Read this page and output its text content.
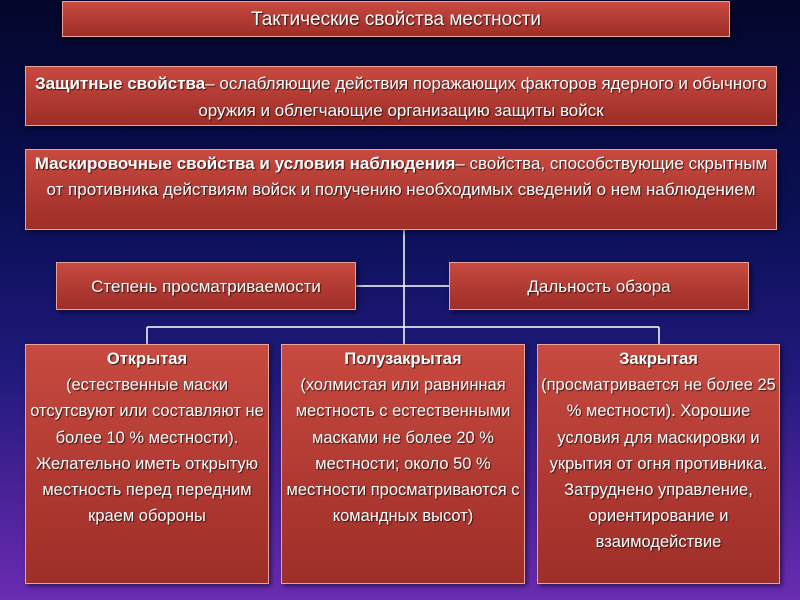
Тактические свойства местности
Защитные свойства– ослабляющие действия поражающих факторов ядерного и обычного оружия и облегчающие организацию защиты войск
Маскировочные свойства и условия наблюдения– свойства, способствующие скрытным от противника действиям войск и получению необходимых сведений о нем наблюдением
Степень просматриваемости	Дальность обзора
Открытая
(естественные маски отсутсвуют или составляют не более 10 % местности). Желательно иметь открытую местность перед передним краем обороны
Полузакрытая
(холмистая или равнинная местность с естественными масками не более 20 % местности; около 50 % местности просматриваются с командных высот)
Закрытая
(просматривается не более 25 % местности). Хорошие условия для маскировки и укрытия от огня противника. Затруднено управление, ориентирование и взаимодействие
